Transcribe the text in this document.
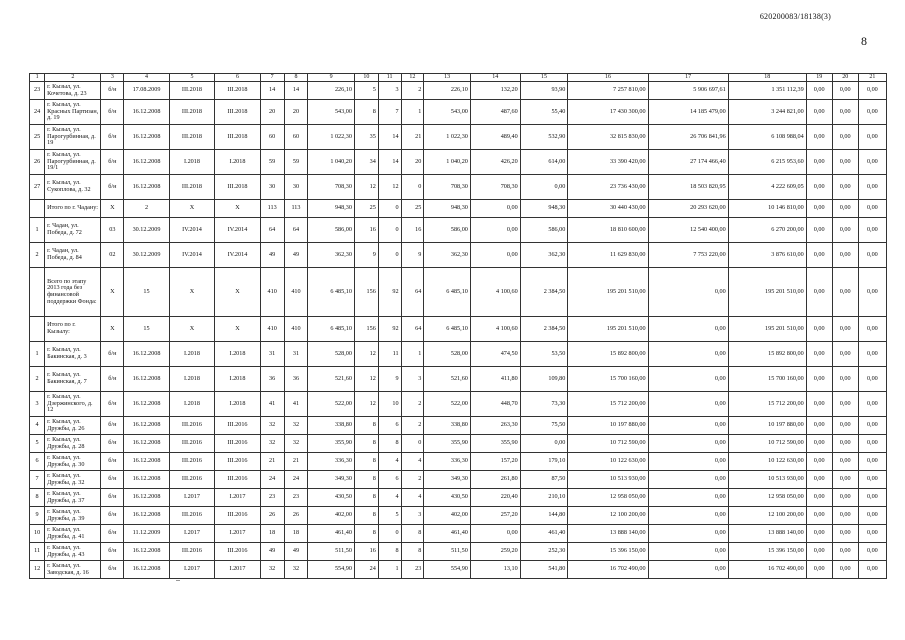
620200083/18138(3)
8
1	2	3	4	5	6	7	8	9	10	11	12	13	14	15	16	17	18	19	20	21
23	г. Кызыл, ул. Кочетова, д. 23	б/н	17.08.2009	III.2018	III.2018	14	14	226,10	5	3	2	226,10	132,20	93,90	7 257 810,00	5 906 697,61	1 351 112,39	0,00	0,00	0,00
24	г. Кызыл, ул. Красных Партизан, д. 19	б/н	16.12.2008	III.2018	III.2018	20	20	543,00	8	7	1	543,00	487,60	55,40	17 430 300,00	14 185 479,00	3 244 821,00	0,00	0,00	0,00
25	г. Кызыл, ул. Парогурбинная, д. 19	б/н	16.12.2008	III.2018	III.2018	60	60	1 022,30	35	14	21	1 022,30	489,40	532,90	32 815 830,00	26 706 841,96	6 108 988,04	0,00	0,00	0,00
26	г. Кызыл, ул. Парогурбинная, д. 19/1	б/н	16.12.2008	I.2018	I.2018	59	59	1 040,20	34	14	20	1 040,20	426,20	614,00	33 390 420,00	27 174 466,40	6 215 953,60	0,00	0,00	0,00
27	г. Кызыл, ул. Сукоплова, д. 32	б/н	16.12.2008	III.2018	III.2018	30	30	708,30	12	12	0	708,30	708,30	0,00	23 736 430,00	18 503 820,95	4 222 609,05	0,00	0,00	0,00
	Итого по г. Чадану:	X	2	X	X	113	113	948,30	25	0	25	948,30	0,00	948,30	30 440 430,00	20 293 620,00	10 146 810,00	0,00	0,00	0,00
1	г. Чадан, ул. Победа, д. 72	03	30.12.2009	IV.2014	IV.2014	64	64	586,00	16	0	16	586,00	0,00	586,00	18 810 600,00	12 540 400,00	6 270 200,00	0,00	0,00	0,00
2	г. Чадан, ул. Победа, д. 84	02	30.12.2009	IV.2014	IV.2014	49	49	362,30	9	0	9	362,30	0,00	362,30	11 629 830,00	7 753 220,00	3 876 610,00	0,00	0,00	0,00
	Всего по этапу 2013 года без финансовой поддержки Фонда:	X	15	X	X	410	410	6 485,10	156	92	64	6 485,10	4 100,60	2 384,50	195 201 510,00	0,00	195 201 510,00	0,00	0,00	0,00
	Итого по г. Кызылу:	X	15	X	X	410	410	6 485,10	156	92	64	6 485,10	4 100,60	2 384,50	195 201 510,00	0,00	195 201 510,00	0,00	0,00	0,00
1	г. Кызыл, ул. Бакинская, д. 3	б/н	16.12.2008	I.2018	I.2018	31	31	528,00	12	11	1	528,00	474,50	53,50	15 892 800,00	0,00	15 892 800,00	0,00	0,00	0,00
2	г. Кызыл, ул. Бакинская, д. 7	б/н	16.12.2008	I.2018	I.2018	36	36	521,60	12	9	3	521,60	411,80	109,80	15 700 160,00	0,00	15 700 160,00	0,00	0,00	0,00
3	г. Кызыл, ул. Дзержинского, д. 12	б/н	16.12.2008	I.2018	I.2018	41	41	522,00	12	10	2	522,00	448,70	73,30	15 712 200,00	0,00	15 712 200,00	0,00	0,00	0,00
4	г. Кызыл, ул. Дружбы, д. 26	б/н	16.12.2008	III.2016	III.2016	32	32	338,80	8	6	2	338,80	263,30	75,50	10 197 880,00	0,00	10 197 880,00	0,00	0,00	0,00
5	г. Кызыл, ул. Дружбы, д. 28	б/н	16.12.2008	III.2016	III.2016	32	32	355,90	8	8	0	355,90	355,90	0,00	10 712 590,00	0,00	10 712 590,00	0,00	0,00	0,00
6	г. Кызыл, ул. Дружбы, д. 30	б/н	16.12.2008	III.2016	III.2016	21	21	336,30	8	4	4	336,30	157,20	179,10	10 122 630,00	0,00	10 122 630,00	0,00	0,00	0,00
7	г. Кызыл, ул. Дружбы, д. 32	б/н	16.12.2008	III.2016	III.2016	24	24	349,30	8	6	2	349,30	261,80	87,50	10 513 930,00	0,00	10 513 930,00	0,00	0,00	0,00
8	г. Кызыл, ул. Дружбы, д. 37	б/н	16.12.2008	I.2017	I.2017	23	23	430,50	8	4	4	430,50	220,40	210,10	12 958 050,00	0,00	12 958 050,00	0,00	0,00	0,00
9	г. Кызыл, ул. Дружбы, д. 39	б/н	16.12.2008	III.2016	III.2016	26	26	402,00	8	5	3	402,00	257,20	144,80	12 100 200,00	0,00	12 100 200,00	0,00	0,00	0,00
10	г. Кызыл, ул. Дружбы, д. 41	б/н	11.12.2009	I.2017	I.2017	18	18	461,40	8	0	8	461,40	0,00	461,40	13 888 140,00	0,00	13 888 140,00	0,00	0,00	0,00
11	г. Кызыл, ул. Дружбы, д. 43	б/н	16.12.2008	III.2016	III.2016	49	49	511,50	16	8	8	511,50	259,20	252,30	15 396 150,00	0,00	15 396 150,00	0,00	0,00	0,00
12	г. Кызыл, ул. Заводская, д. 16	б/н	16.12.2008	I.2017	I.2017	32	32	554,90	24	1	23	554,90	13,10	541,80	16 702 490,00	0,00	16 702 490,00	0,00	0,00	0,00
